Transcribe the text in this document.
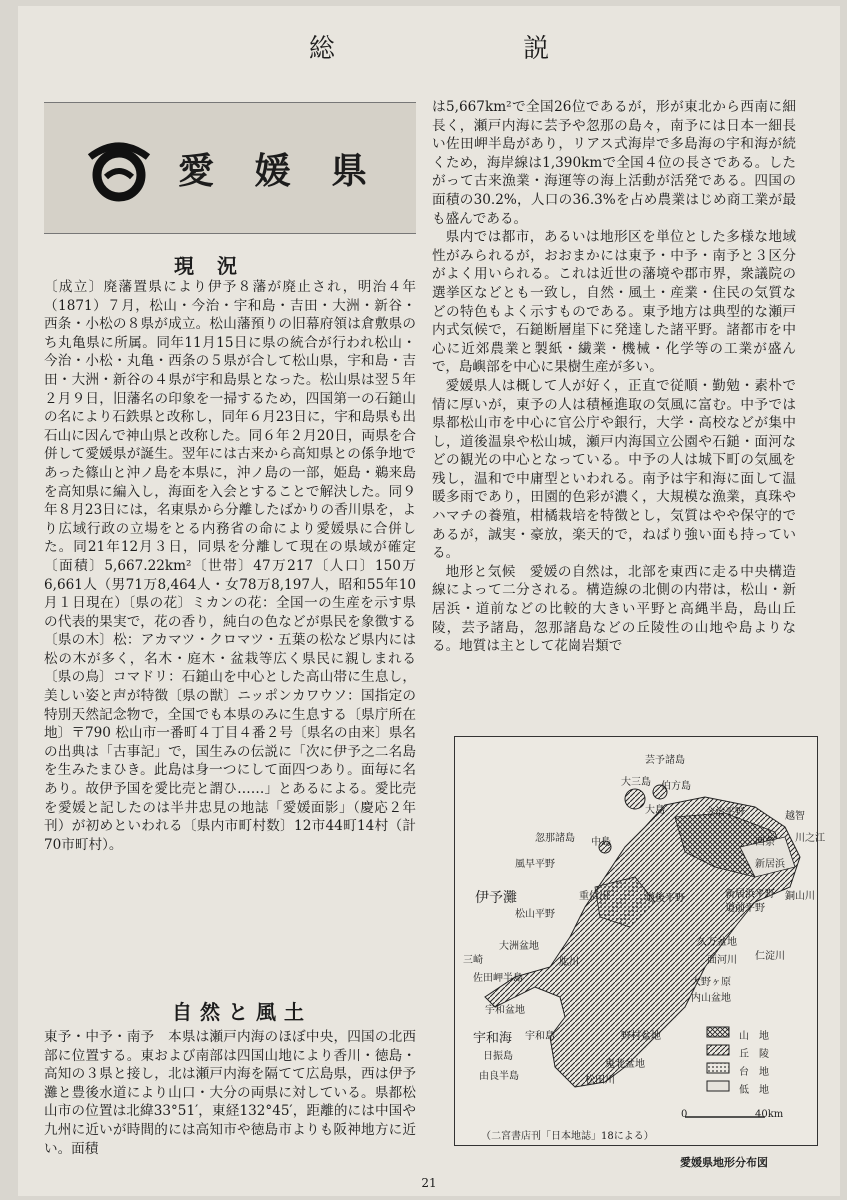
総 説
愛 媛 県
現 況

〔成立〕廃藩置県により伊予８藩が廃止され，明治４年（1871）７月，松山・今治・宇和島・吉田・大洲・新谷・西条・小松の８県が成立。松山藩預りの旧幕府領は倉敷県のち丸亀県に所属。同年11月15日に県の統合が行われ松山・今治・小松・丸亀・西条の５県が合して松山県，宇和島・吉田・大洲・新谷の４県が宇和島県となった。松山県は翌５年２月９日，旧藩名の印象を一掃するため，四国第一の石鎚山の名により石鉄県と改称し，同年６月23日に，宇和島県も出石山に因んで神山県と改称した。同６年２月20日，両県を合併して愛媛県が誕生。翌年には古来から高知県との係争地であった篠山と沖ノ島を本県に，沖ノ島の一部，姫島・鵜来島を高知県に編入し，海面を入会とすることで解決した。同９年８月23日には，名東県から分離したばかりの香川県を，より広域行政の立場をとる内務省の命により愛媛県に合併した。同21年12月３日，同県を分離して現在の県域が確定〔面積〕5,667.22km²〔世帯〕47万217〔人口〕150万6,661人（男71万8,464人・女78万8,197人，昭和55年10月１日現在）〔県の花〕ミカンの花：全国一の生産を示す県の代表的果実で，花の香り，純白の色などが県民を象徴する〔県の木〕松：アカマツ・クロマツ・五葉の松など県内には松の木が多く，名木・庭木・盆栽等広く県民に親しまれる〔県の鳥〕コマドリ：石鎚山を中心とした高山帯に生息し，美しい姿と声が特徴〔県の獣〕ニッポンカワウソ：国指定の特別天然記念物で，全国でも本県のみに生息する〔県庁所在地〕〒790 松山市一番町４丁目４番２号〔県名の由来〕県名の出典は「古事記」で，国生みの伝説に「次に伊予之二名島を生みたまひき。此島は身一つにして面四つあり。面毎に名あり。故伊予国を愛比売と謂ひ……」とあるによる。愛比売を愛媛と記したのは半井忠見の地誌「愛媛面影」（慶応２年刊）が初めといわれる〔県内市町村数〕12市44町14村（計70市町村）。

自然と風土

東予・中予・南予　本県は瀬戸内海のほぼ中央，四国の北西部に位置する。東および南部は四国山地により香川・徳島・高知の３県と接し，北は瀬戸内海を隔てて広島県，西は伊予灘と豊後水道により山口・大分の両県に対している。県都松山市の位置は北緯33°51′，東経132°45′，距離的には中国や九州に近いが時間的には高知市や徳島市よりも阪神地方に近い。面積

は5,667km²で全国26位であるが，形が東北から西南に細長く，瀬戸内海に芸予や忽那の島々，南予には日本一細長い佐田岬半島があり，リアス式海岸で多島海の宇和海が続くため，海岸線は1,390kmで全国４位の長さである。したがって古来漁業・海運等の海上活動が活発である。四国の面積の30.2%，人口の36.3%を占め農業はじめ商工業が最も盛んである。

県内では都市，あるいは地形区を単位とした多様な地域性がみられるが，おおまかには東予・中予・南予と３区分がよく用いられる。これは近世の藩境や郡市界，衆議院の選挙区などとも一致し，自然・風土・産業・住民の気質などの特色もよく示すものである。東予地方は典型的な瀬戸内式気候で，石鎚断層崖下に発達した諸平野。諸都市を中心に近郊農業と製紙・繊業・機械・化学等の工業が盛んで，島嶼部を中心に果樹生産が多い。

愛媛県人は概して人が好く，正直で従順・勤勉・素朴で情に厚いが，東予の人は積極進取の気風に富む。中予では県都松山市を中心に官公庁や銀行，大学・高校などが集中し，道後温泉や松山城，瀬戸内海国立公園や石鎚・面河などの観光の中心となっている。中予の人は城下町の気風を残し，温和で中庸型といわれる。南予は宇和海に面して温暖多雨であり，田園的色彩が濃く，大規模な漁業，真珠やハマチの養殖，柑橘栽培を特徴とし，気質はやや保守的であるが，誠実・豪放，楽天的で，ねばり強い面も持っている。

地形と気候　愛媛の自然は，北部を東西に走る中央構造線によって二分される。構造線の北側の内帯は，松山・新居浜・道前などの比較的大きい平野と高縄半島，島山丘陵，芸予諸島，忽那諸島などの丘陵性の山地や島よりなる。地質は主として花崗岩類で

芸予諸島
大三島 伯方島
大島	今治平野	越智
新居浜平野
道前平野
道後平野
松山平野
伊予灘
風早平野
忽那諸島 中島
重信川
大洲盆地	久万盆地
大野ヶ原
内山盆地
佐田岬半島
宇和盆地
宇和海 宇和島
日振島
由良半島
野村盆地
鬼北盆地
松田川
肱川	面河川 仁淀川
銅山川
川之江
新居浜
西条
三崎
山　地
丘　陵
台　地
低　地
0	40km
（二宮書店刊「日本地誌」18による）
愛媛県地形分布図
21
